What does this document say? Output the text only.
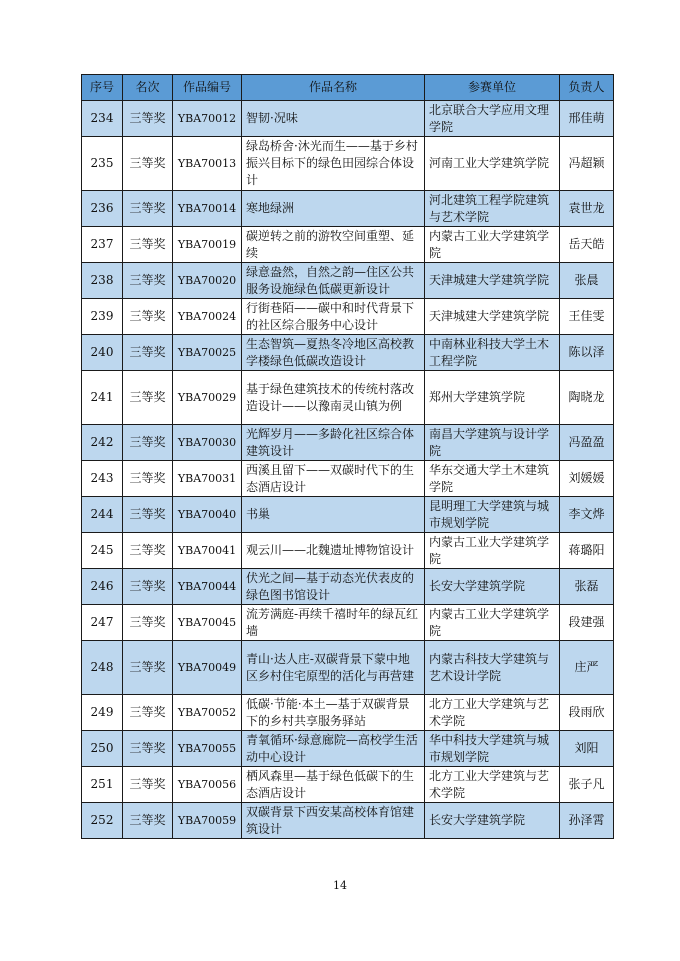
序号	名次	作品编号	作品名称	参赛单位	负责人
234	三等奖	YBA70012	智韧·况味	北京联合大学应用文理学院	邢佳萌
235	三等奖	YBA70013	绿岛桥舍·沐光而生——基于乡村振兴目标下的绿色田园综合体设计	河南工业大学建筑学院	冯超颖
236	三等奖	YBA70014	寒地绿洲	河北建筑工程学院建筑与艺术学院	袁世龙
237	三等奖	YBA70019	碳逆转之前的游牧空间重塑、延续	内蒙古工业大学建筑学院	岳天皓
238	三等奖	YBA70020	绿意盎然，自然之韵—住区公共服务设施绿色低碳更新设计	天津城建大学建筑学院	张晨
239	三等奖	YBA70024	行街巷陌——碳中和时代背景下的社区综合服务中心设计	天津城建大学建筑学院	王佳雯
240	三等奖	YBA70025	生态智筑—夏热冬冷地区高校教学楼绿色低碳改造设计	中南林业科技大学土木工程学院	陈以泽
241	三等奖	YBA70029	基于绿色建筑技术的传统村落改造设计——以豫南灵山镇为例	郑州大学建筑学院	陶晓龙
242	三等奖	YBA70030	光辉岁月——多龄化社区综合体建筑设计	南昌大学建筑与设计学院	冯盈盈
243	三等奖	YBA70031	西溪且留下——双碳时代下的生态酒店设计	华东交通大学土木建筑学院	刘媛媛
244	三等奖	YBA70040	书巢	昆明理工大学建筑与城市规划学院	李文烨
245	三等奖	YBA70041	观云川——北魏遗址博物馆设计	内蒙古工业大学建筑学院	蒋璐阳
246	三等奖	YBA70044	伏光之间—基于动态光伏表皮的绿色图书馆设计	长安大学建筑学院	张磊
247	三等奖	YBA70045	流芳满庭-再续千禧时年的绿瓦红墙	内蒙古工业大学建筑学院	段建强
248	三等奖	YBA70049	青山·达人庄-双碳背景下蒙中地区乡村住宅原型的活化与再营建	内蒙古科技大学建筑与艺术设计学院	庄严
249	三等奖	YBA70052	低碳·节能·本土—基于双碳背景下的乡村共享服务驿站	北方工业大学建筑与艺术学院	段雨欣
250	三等奖	YBA70055	青氧循环·绿意廊院—高校学生活动中心设计	华中科技大学建筑与城市规划学院	刘阳
251	三等奖	YBA70056	栖风森里—基于绿色低碳下的生态酒店设计	北方工业大学建筑与艺术学院	张子凡
252	三等奖	YBA70059	双碳背景下西安某高校体育馆建筑设计	长安大学建筑学院	孙泽霄
14
